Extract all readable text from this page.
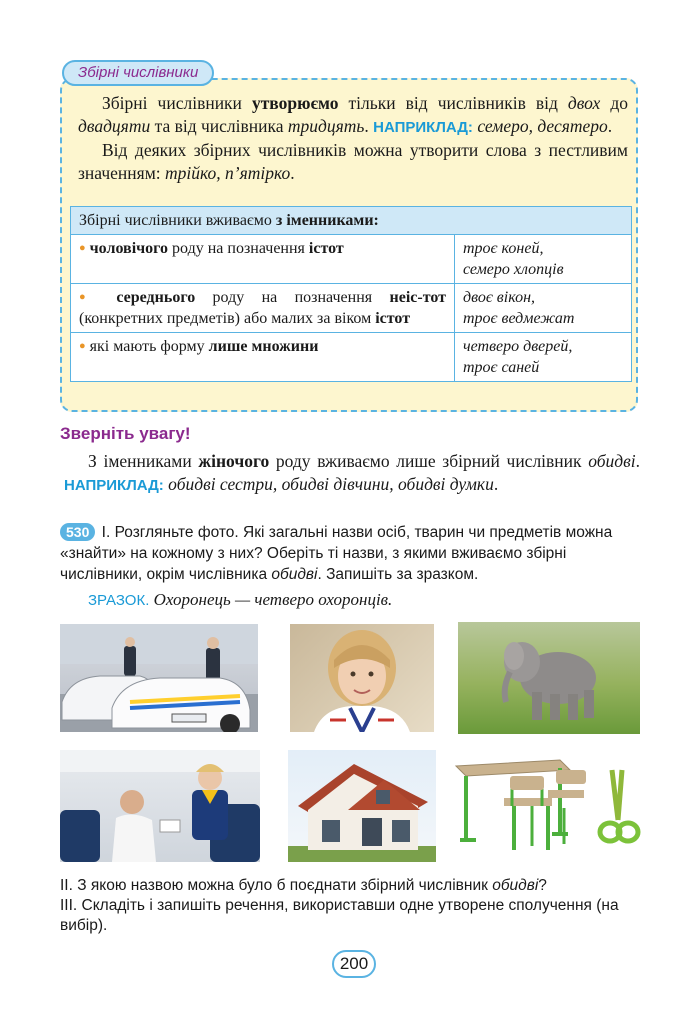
Збірні числівники

Збірні числівники утворюємо тільки від числівників від двох до двадцяти та від числівника тридцять. НАПРИКЛАД: семеро, десятеро.

Від деяких збірних числівників можна утворити слова з пестливим значенням: трійко, п’ятірко.

Збірні числівники вживаємо з іменниками:	
● чоловічого роду на позначення істот	троє коней,
семеро хлопців
● середнього роду на позначення неіс-тот (конкретних предметів) або малих за віком істот	двоє вікон,
троє ведмежат
● які мають форму лише множини	четверо дверей,
троє саней
Зверніть увагу!

З іменниками жіночого роду вживаємо лише збірний числівник обидві. НАПРИКЛАД: обидві сестри, обидві дівчини, обидві думки.

530 І. Розгляньте фото. Які загальні назви осіб, тварин чи предметів можна «знайти» на кожному з них? Оберіть ті назви, з якими вживаємо збірні числівники, окрім числівника обидві. Запишіть за зразком.

ЗРАЗОК. Охоронець — четверо охоронців.

ІІ. З якою назвою можна було б поєднати збірний числівник обидві?

ІІІ. Складіть і запишіть речення, використавши одне утворене сполучення (на вибір).

200
